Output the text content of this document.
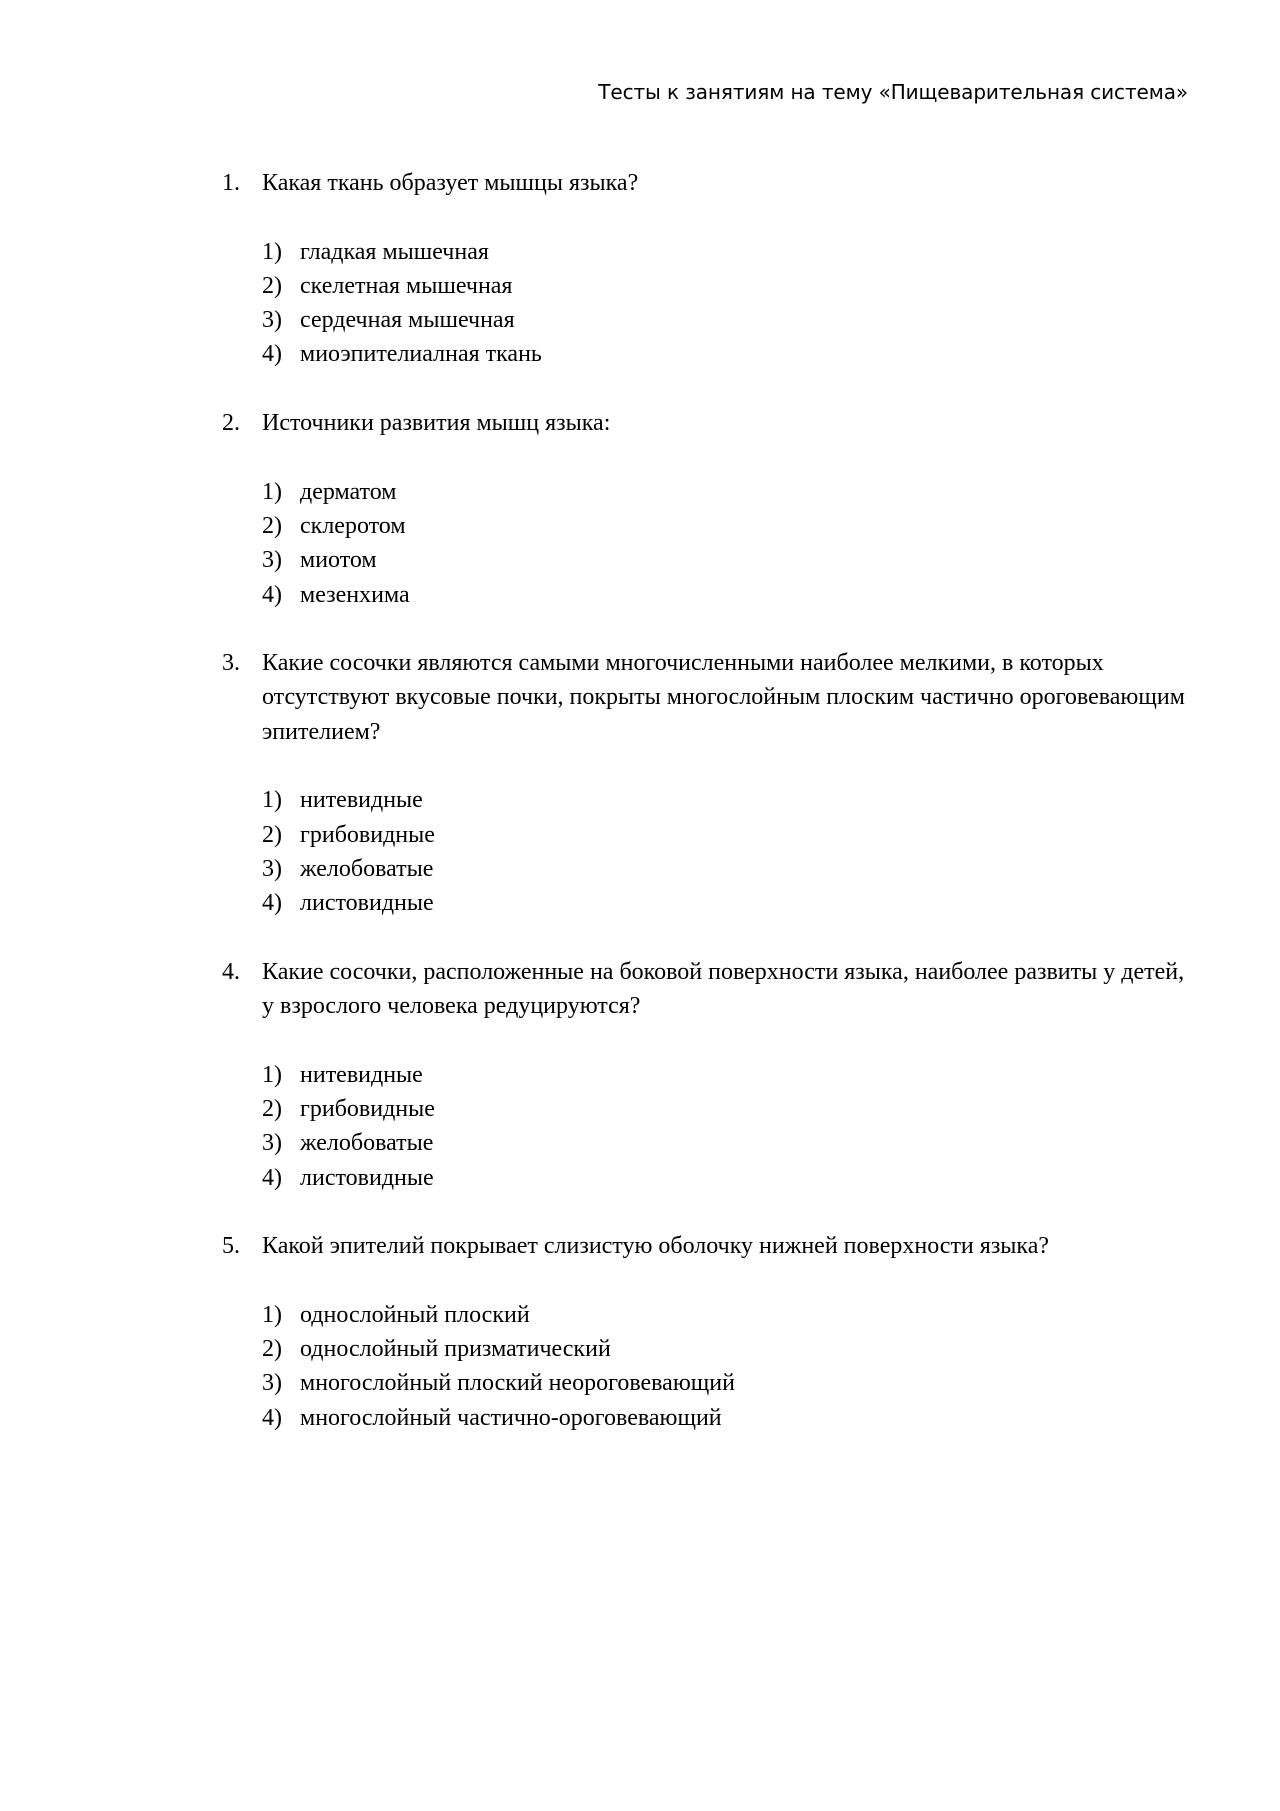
Тесты к занятиям на тему «Пищеварительная система»
1. Какая ткань образует мышцы языка?
1) гладкая мышечная
2) скелетная мышечная
3) сердечная мышечная
4) миоэпителиалная ткань
2. Источники развития мышц языка:
1) дерматом
2) склеротом
3) миотом
4) мезенхима
3. Какие сосочки являются самыми многочисленными наиболее мелкими, в которых отсутствуют вкусовые почки, покрыты многослойным плоским частично ороговевающим эпителием?
1) нитевидные
2) грибовидные
3) желобоватые
4) листовидные
4. Какие сосочки, расположенные на боковой поверхности языка, наиболее развиты у детей, у взрослого человека редуцируются?
1) нитевидные
2) грибовидные
3) желобоватые
4) листовидные
5. Какой эпителий покрывает слизистую оболочку нижней поверхности языка?
1) однослойный плоский
2) однослойный призматический
3) многослойный плоский неороговевающий
4) многослойный частично-ороговевающий
